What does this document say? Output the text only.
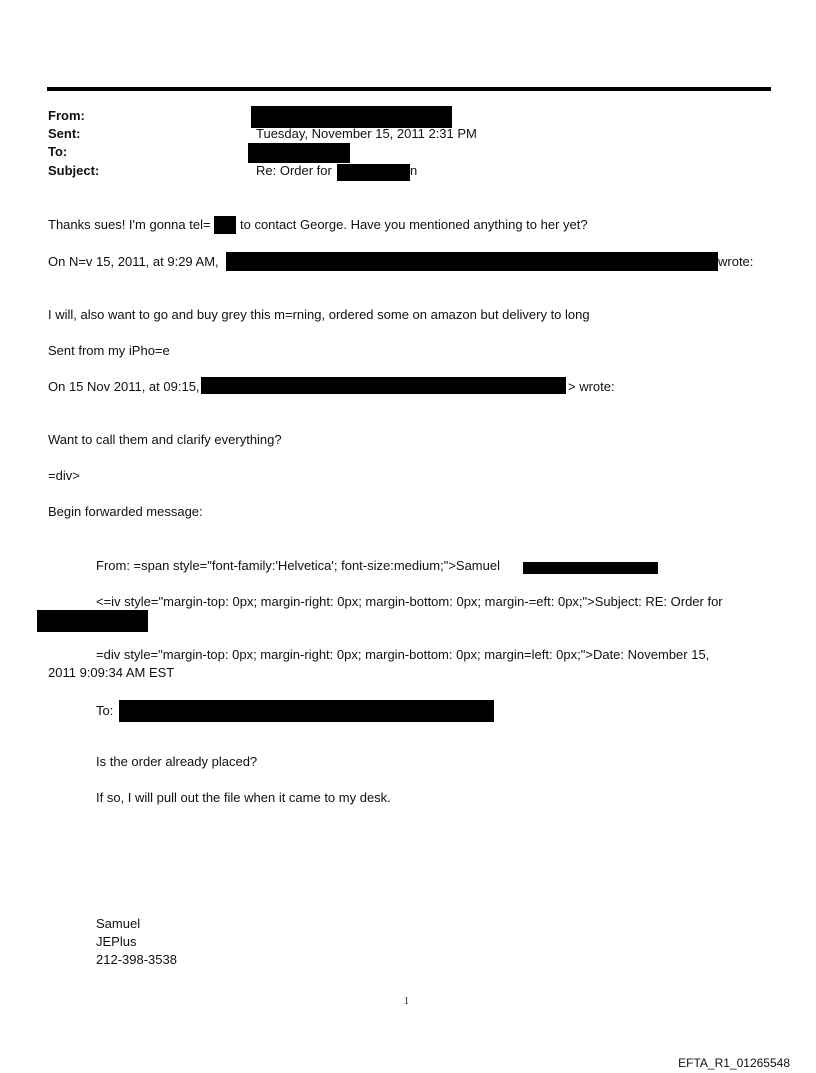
From:
Sent:	Tuesday, November 15, 2011 2:31 PM
To:
Subject:	Re: Order for	n
Thanks sues! I'm gonna tel= to contact George. Have you mentioned anything to her yet?
On N=v 15, 2011, at 9:29 AM,	wrote:
I will, also want to go and buy grey this m=rning, ordered some on amazon but delivery to long
Sent from my iPho=e
On 15 Nov 2011, at 09:15,	> wrote:
Want to call them and clarify everything?
=div>
Begin forwarded message:
From: =span style="font-family:'Helvetica'; font-size:medium;">Samuel
<=iv style="margin-top: 0px; margin-right: 0px; margin-bottom: 0px; margin-=eft: 0px;">Subject: RE: Order for
=div style="margin-top: 0px; margin-right: 0px; margin-bottom: 0px; margin=left: 0px;">Date: November 15,
2011 9:09:34 AM EST
To:
Is the order already placed?
If so, I will pull out the file when it came to my desk.
Samuel
JEPlus
212-398-3538
1
EFTA_R1_01265548
